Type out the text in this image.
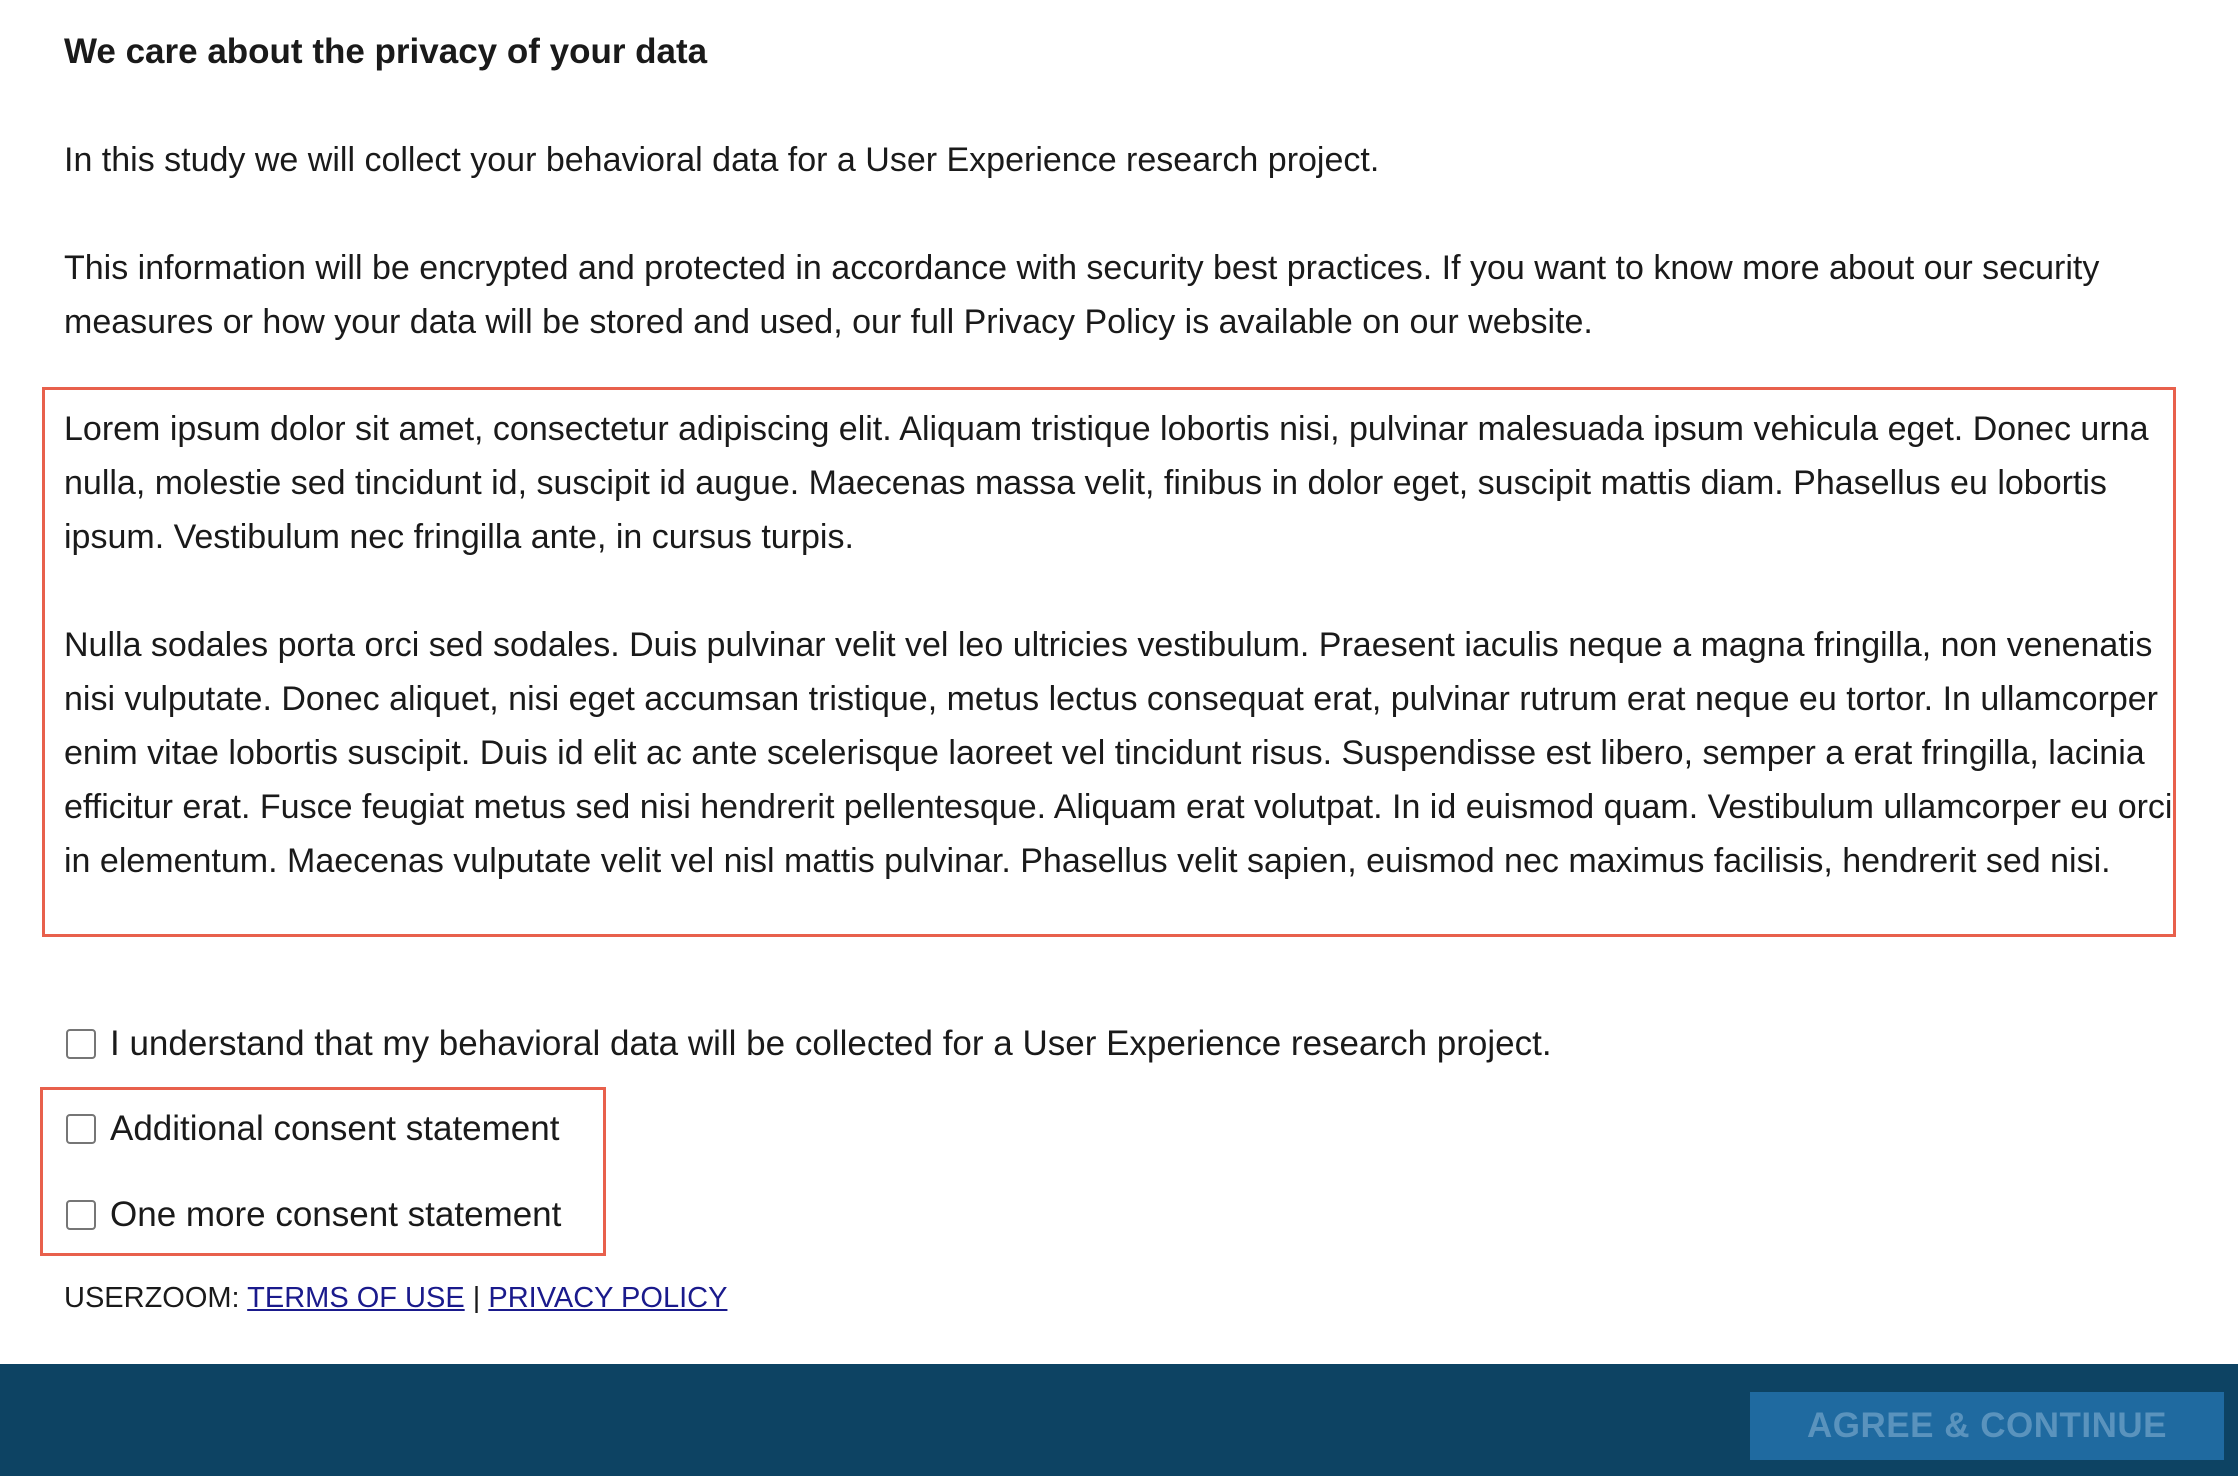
We care about the privacy of your data

In this study we will collect your behavioral data for a User Experience research project.

This information will be encrypted and protected in accordance with security best practices. If you want to know more about our security measures or how your data will be stored and used, our full Privacy Policy is available on our website.

Lorem ipsum dolor sit amet, consectetur adipiscing elit. Aliquam tristique lobortis nisi, pulvinar malesuada ipsum vehicula eget. Donec urna nulla, molestie sed tincidunt id, suscipit id augue. Maecenas massa velit, finibus in dolor eget, suscipit mattis diam. Phasellus eu lobortis ipsum. Vestibulum nec fringilla ante, in cursus turpis.

Nulla sodales porta orci sed sodales. Duis pulvinar velit vel leo ultricies vestibulum. Praesent iaculis neque a magna fringilla, non venenatis nisi vulputate. Donec aliquet, nisi eget accumsan tristique, metus lectus consequat erat, pulvinar rutrum erat neque eu tortor. In ullamcorper enim vitae lobortis suscipit. Duis id elit ac ante scelerisque laoreet vel tincidunt risus. Suspendisse est libero, semper a erat fringilla, lacinia efficitur erat. Fusce feugiat metus sed nisi hendrerit pellentesque. Aliquam erat volutpat. In id euismod quam. Vestibulum ullamcorper eu orci in elementum. Maecenas vulputate velit vel nisl mattis pulvinar. Phasellus velit sapien, euismod nec maximus facilisis, hendrerit sed nisi.

I understand that my behavioral data will be collected for a User Experience research project.
Additional consent statement
One more consent statement
USERZOOM: TERMS OF USE | PRIVACY POLICY
AGREE & CONTINUE
